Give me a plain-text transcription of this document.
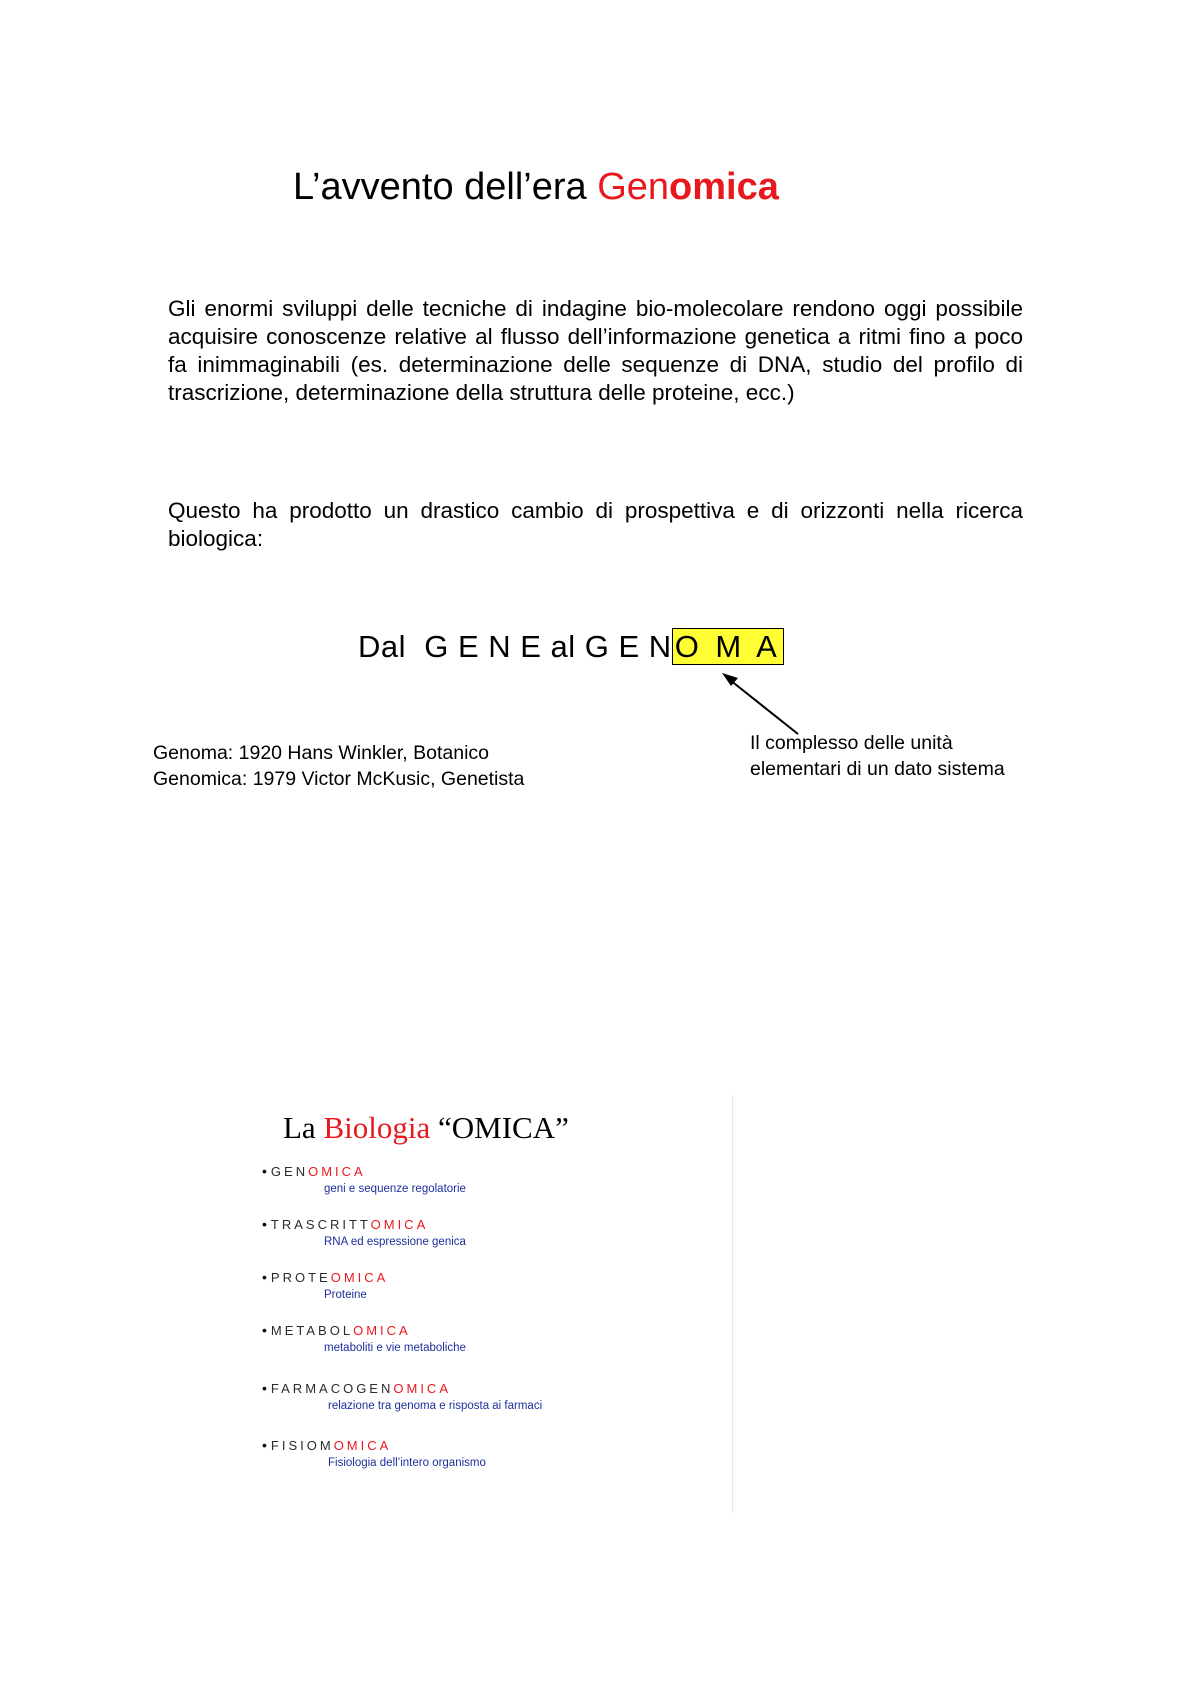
L’avvento dell’era Genomica
Gli enormi sviluppi delle tecniche di indagine bio-molecolare rendono oggi possibile acquisire conoscenze relative al flusso dell’informazione genetica a ritmi fino a poco fa inimmaginabili (es. determinazione delle sequenze di DNA, studio del profilo di trascrizione, determinazione della struttura delle proteine, ecc.)
Questo ha prodotto un drastico cambio di prospettiva e di orizzonti nella ricerca biologica:
Dal  G E N E al G E NO M A
Genoma: 1920 Hans Winkler, Botanico
Genomica: 1979 Victor McKusic, Genetista
Il complesso delle unità
elementari di un dato sistema
La Biologia “OMICA”
• GENOMICA
geni e sequenze regolatorie
• TRASCRITTOMICA
RNA ed espressione genica
• PROTEOMICA
Proteine
• METABOLOMICA
metaboliti e vie metaboliche
• FARMACOGENOMICA
relazione tra genoma e risposta ai farmaci
• FISIOMOMICA
Fisiologia dell’intero organismo
